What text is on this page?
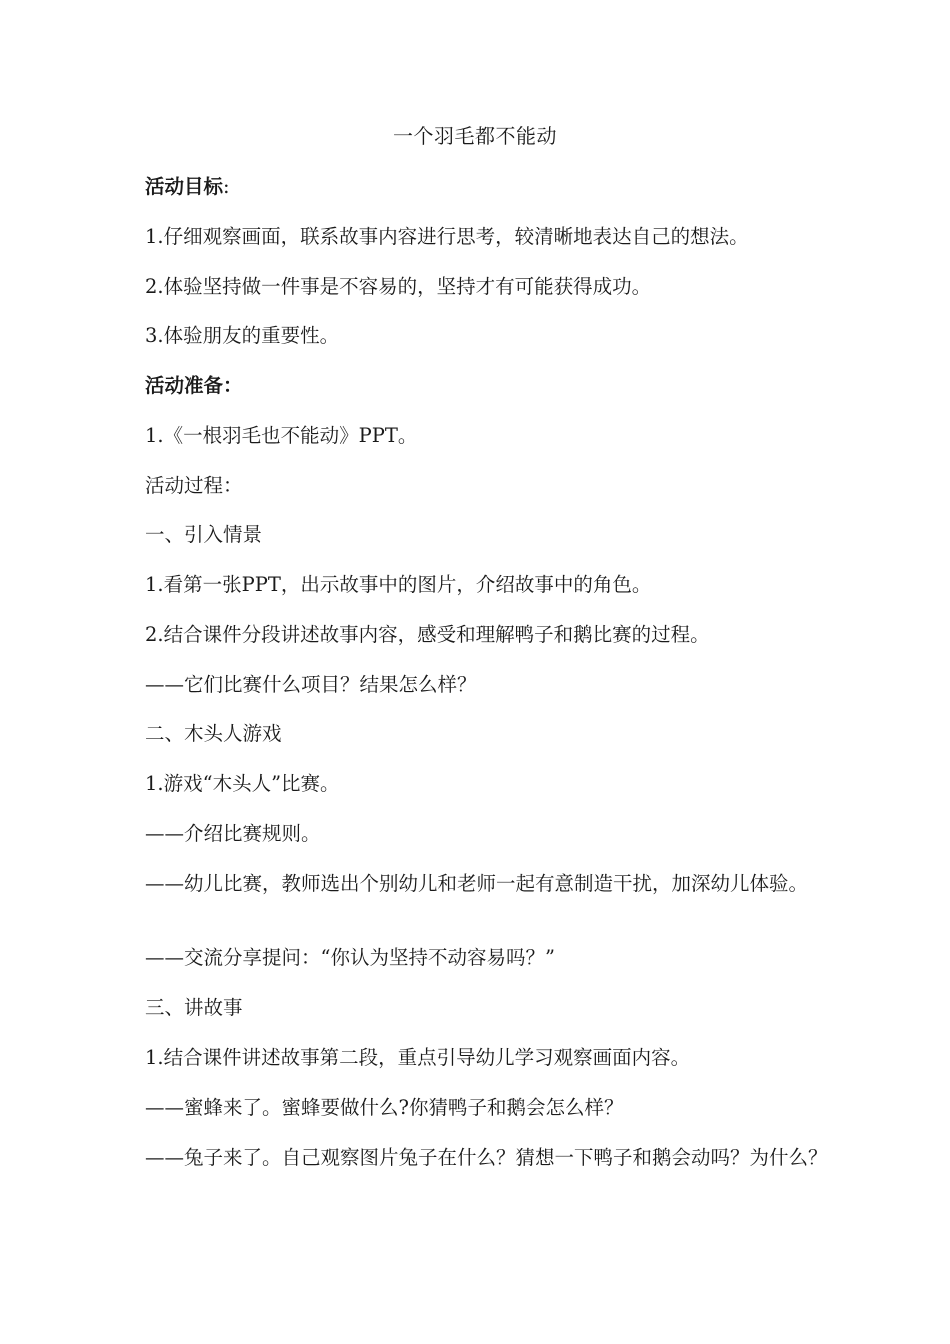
一个羽毛都不能动

活动目标:

1.仔细观察画面，联系故事内容进行思考，较清晰地表达自己的想法。

2.体验坚持做一件事是不容易的，坚持才有可能获得成功。

3.体验朋友的重要性。

活动准备：

1.《一根羽毛也不能动》PPT。

活动过程：

一、引入情景

1.看第一张PPT，出示故事中的图片，介绍故事中的角色。

2.结合课件分段讲述故事内容，感受和理解鸭子和鹅比赛的过程。

——它们比赛什么项目？结果怎么样？

二、木头人游戏

1.游戏“木头人”比赛。

——介绍比赛规则。

——幼儿比赛，教师选出个别幼儿和老师一起有意制造干扰，加深幼儿体验。

——交流分享提问：“你认为坚持不动容易吗？”

三、讲故事

1.结合课件讲述故事第二段，重点引导幼儿学习观察画面内容。

——蜜蜂来了。蜜蜂要做什么?你猜鸭子和鹅会怎么样？

——兔子来了。自己观察图片兔子在什么？猜想一下鸭子和鹅会动吗？为什么？
